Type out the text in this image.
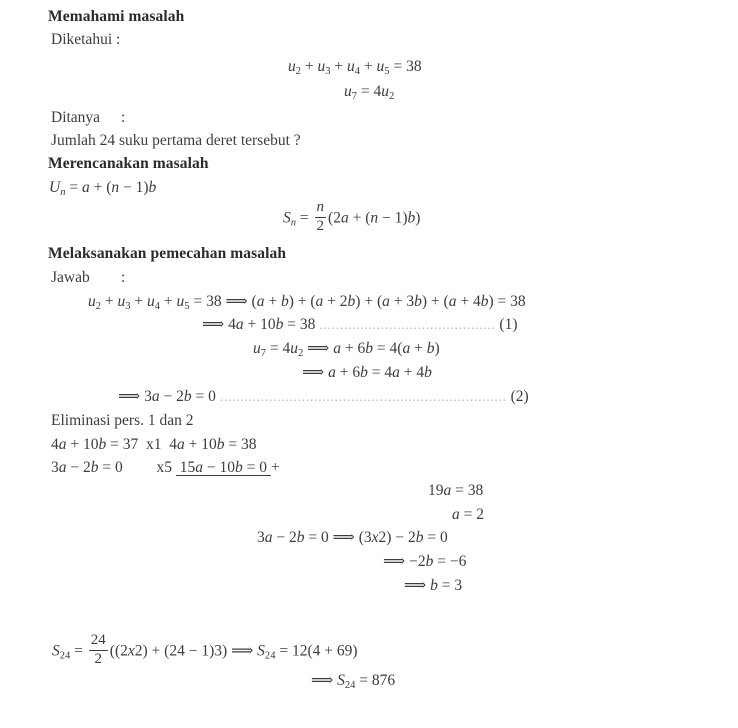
Memahami masalah
Diketahui :
$u_2 + u_3 + u_4 + u_5 = 38$
$u_7 = 4u_2$
Ditanya :
Jumlah 24 suku pertama deret tersebut ?
Merencanakan masalah
$U_n = a + (n - 1)b$
$S_n = \frac{n}{2} (2a + (n - 1)b)$
Melaksanakan pemecahan masalah
Jawab :
$u_2 + u_3 + u_4 + u_5 = 38$ ⟹ (a + b) + (a + 2b) + (a + 3b) + (a + 4b) = 38
⟹ 4a + 10b = 38 ........................................... (1)
$u_7 = 4u_2$ ⟹ a + 6b = 4(a + b)
⟹ a + 6b = 4a + 4b
⟹ 3a − 2b = 0 ...................................................................... (2)
Eliminasi pers. 1 dan 2
4a + 10b = 37 x1  4a + 10b = 38
3a − 2b = 0 x5 15a − 10b = 0 +
19a = 38
a = 2
3a − 2b = 0 ⟹ (3x2) − 2b = 0
⟹ −2b = −6
⟹ b = 3
$S_{24} = \frac{24}{2} ((2x2) + (24 - 1)3)$ ⟹ $S_{24} = 12(4 + 69)$
⟹ $S_{24} = 876$
